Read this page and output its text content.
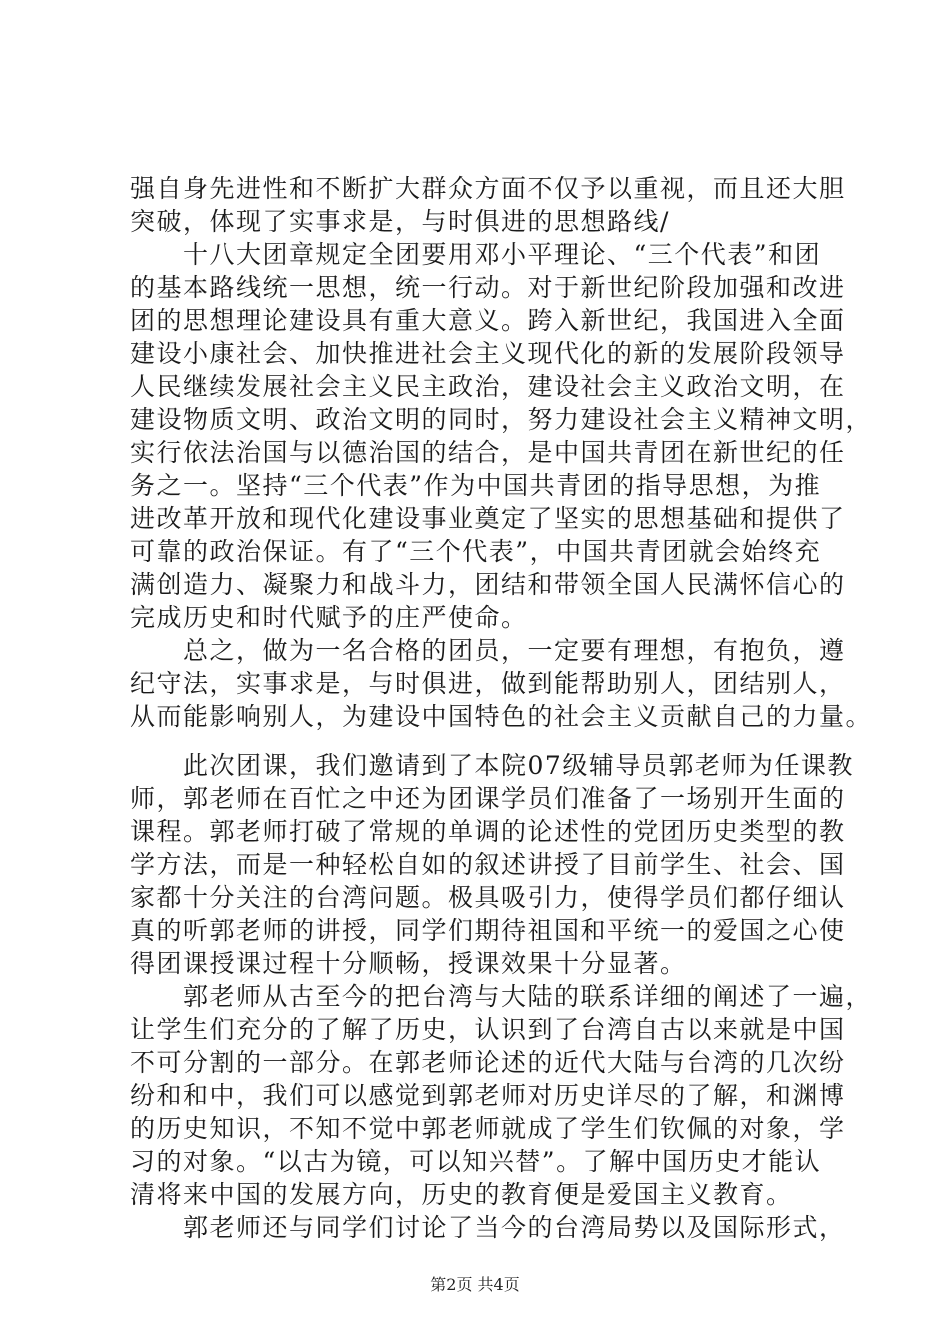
强自身先进性和不断扩大群众方面不仅予以重视，而且还大胆
突破，体现了实事求是，与时俱进的思想路线/
　　十八大团章规定全团要用邓小平理论、“三个代表”和团
的基本路线统一思想，统一行动。对于新世纪阶段加强和改进
团的思想理论建设具有重大意义。跨入新世纪，我国进入全面
建设小康社会、加快推进社会主义现代化的新的发展阶段领导
人民继续发展社会主义民主政治，建设社会主义政治文明，在
建设物质文明、政治文明的同时，努力建设社会主义精神文明，
实行依法治国与以德治国的结合，是中国共青团在新世纪的任
务之一。坚持“三个代表”作为中国共青团的指导思想，为推
进改革开放和现代化建设事业奠定了坚实的思想基础和提供了
可靠的政治保证。有了“三个代表”，中国共青团就会始终充
满创造力、凝聚力和战斗力，团结和带领全国人民满怀信心的
完成历史和时代赋予的庄严使命。
　　总之，做为一名合格的团员，一定要有理想，有抱负，遵
纪守法，实事求是，与时俱进，做到能帮助别人，团结别人，
从而能影响别人，为建设中国特色的社会主义贡献自己的力量。
　　此次团课，我们邀请到了本院07级辅导员郭老师为任课教
师，郭老师在百忙之中还为团课学员们准备了一场别开生面的
课程。郭老师打破了常规的单调的论述性的党团历史类型的教
学方法，而是一种轻松自如的叙述讲授了目前学生、社会、国
家都十分关注的台湾问题。极具吸引力，使得学员们都仔细认
真的听郭老师的讲授，同学们期待祖国和平统一的爱国之心使
得团课授课过程十分顺畅，授课效果十分显著。
　　郭老师从古至今的把台湾与大陆的联系详细的阐述了一遍，
让学生们充分的了解了历史，认识到了台湾自古以来就是中国
不可分割的一部分。在郭老师论述的近代大陆与台湾的几次纷
纷和和中，我们可以感觉到郭老师对历史详尽的了解，和渊博
的历史知识，不知不觉中郭老师就成了学生们钦佩的对象，学
习的对象。“以古为镜，可以知兴替”。了解中国历史才能认
清将来中国的发展方向，历史的教育便是爱国主义教育。
　　郭老师还与同学们讨论了当今的台湾局势以及国际形式，
第2页 共4页
